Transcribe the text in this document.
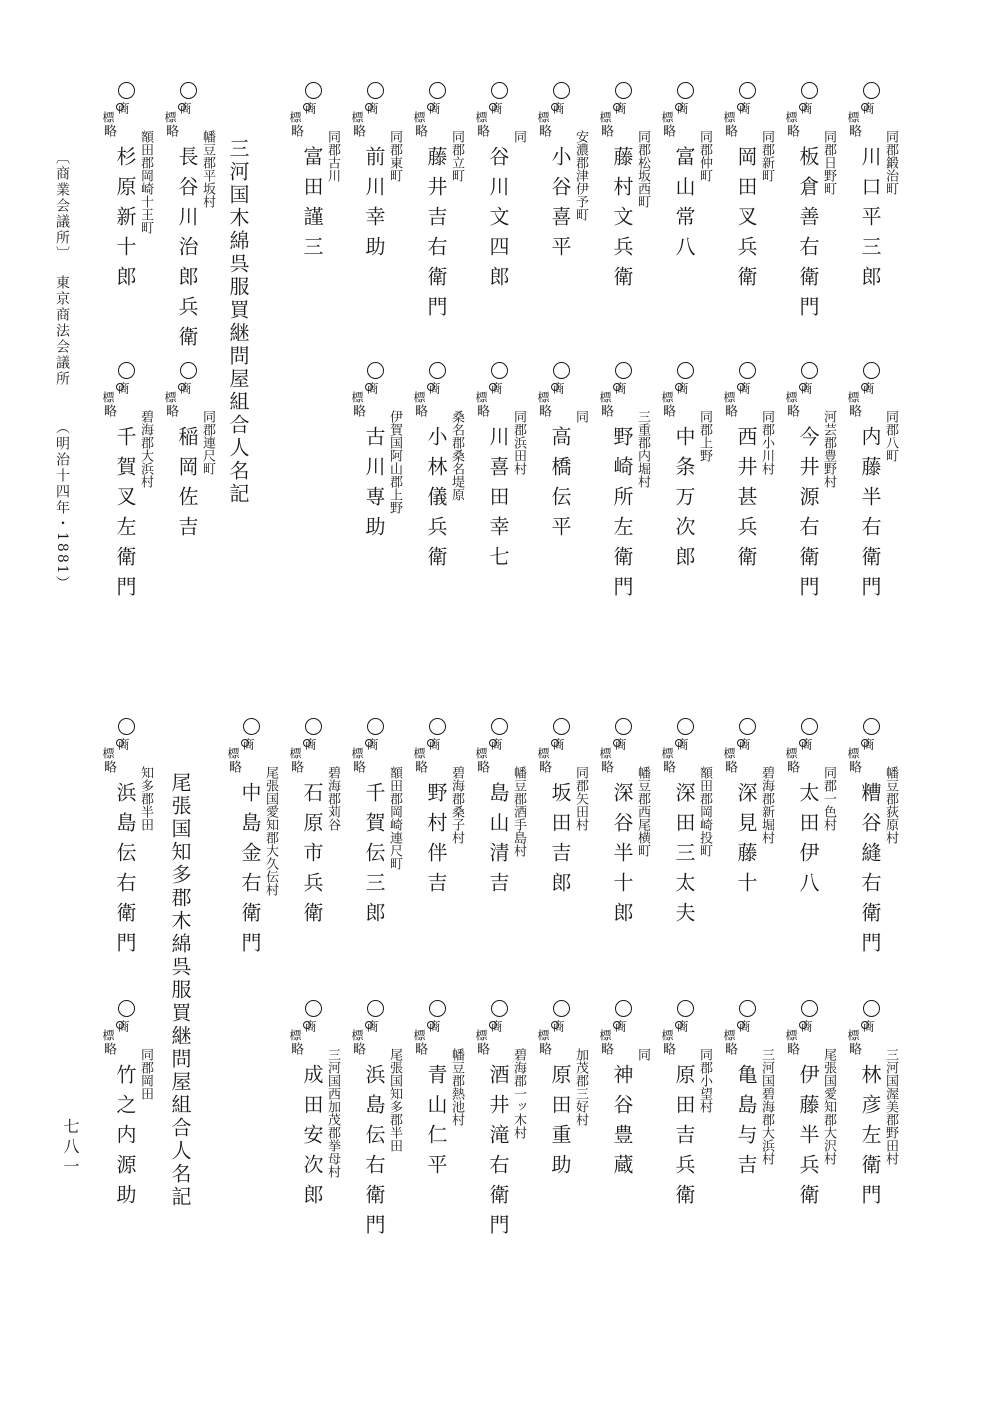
標
商
同郡鍛治町
略
川口平三郎
標
商
同郡日野町
略
板倉善右衛門
標
商
同郡新町
略
岡田叉兵衛
標
商
同郡仲町
略
富山常八
標
商
同郡松坂西町
略
藤村文兵衛
標
商
安濃郡津伊予町
略
小谷喜平
標
商
同
略
谷川文四郎
標
商
同郡立町
略
藤井吉右衛門
標
商
同郡東町
略
前川幸助
標
商
同郡古川
略
富田謹三
標
商
幡豆郡平坂村
略
長谷川治郎兵衛
標
商
額田郡岡崎十王町
略
杉原新十郎
標
商
同郡八町
略
内藤半右衛門
標
商
河芸郡豊野村
略
今井源右衛門
標
商
同郡小川村
略
西井甚兵衛
標
商
同郡上野
略
中条万次郎
標
商
三重郡内堀村
略
野崎所左衛門
標
商
同
略
高橋伝平
標
商
同郡浜田村
略
川喜田幸七
標
商
桑名郡桑名堤原
略
小林儀兵衛
標
商
伊賀国阿山郡上野
略
古川専助
標
商
同郡連尺町
略
稲岡佐吉
標
商
碧海郡大浜村
略
千賀叉左衛門
標
商
幡豆郡荻原村
略
糟谷縫右衛門
標
商
同郡一色村
略
太田伊八
標
商
碧海郡新堀村
略
深見藤十
標
商
額田郡岡崎投町
略
深田三太夫
標
商
幡豆郡西尾横町
略
深谷半十郎
標
商
同郡矢田村
略
坂田吉郎
標
商
幡豆郡酒手島村
略
島山清吉
標
商
碧海郡桑子村
略
野村伴吉
標
商
額田郡岡崎連尺町
略
千賀伝三郎
標
商
碧海郡苅谷
略
石原市兵衛
標
商
尾張国愛知郡大久伝村
略
中島金右衛門
標
商
知多郡半田
略
浜島伝右衛門
標
商
三河国渥美郡野田村
略
林彦左衛門
標
商
尾張国愛知郡大沢村
略
伊藤半兵衛
標
商
三河国碧海郡大浜村
略
亀島与吉
標
商
同郡小望村
略
原田吉兵衛
標
商
同
略
神谷豊蔵
標
商
加茂郡三好村
略
原田重助
標
商
碧海郡一ッ木村
略
酒井滝右衛門
標
商
幡豆郡熱池村
略
青山仁平
標
商
尾張国知多郡半田
略
浜島伝右衛門
標
商
三河国西加茂郡挙母村
略
成田安次郎
標
商
同郡岡田
略
竹之内源助
三河国木綿呉服買継問屋組合人名記
尾張国知多郡木綿呉服買継問屋組合人名記
〔商業会議所〕
東京商法会議所
（明治十四年・1881）
七八一
